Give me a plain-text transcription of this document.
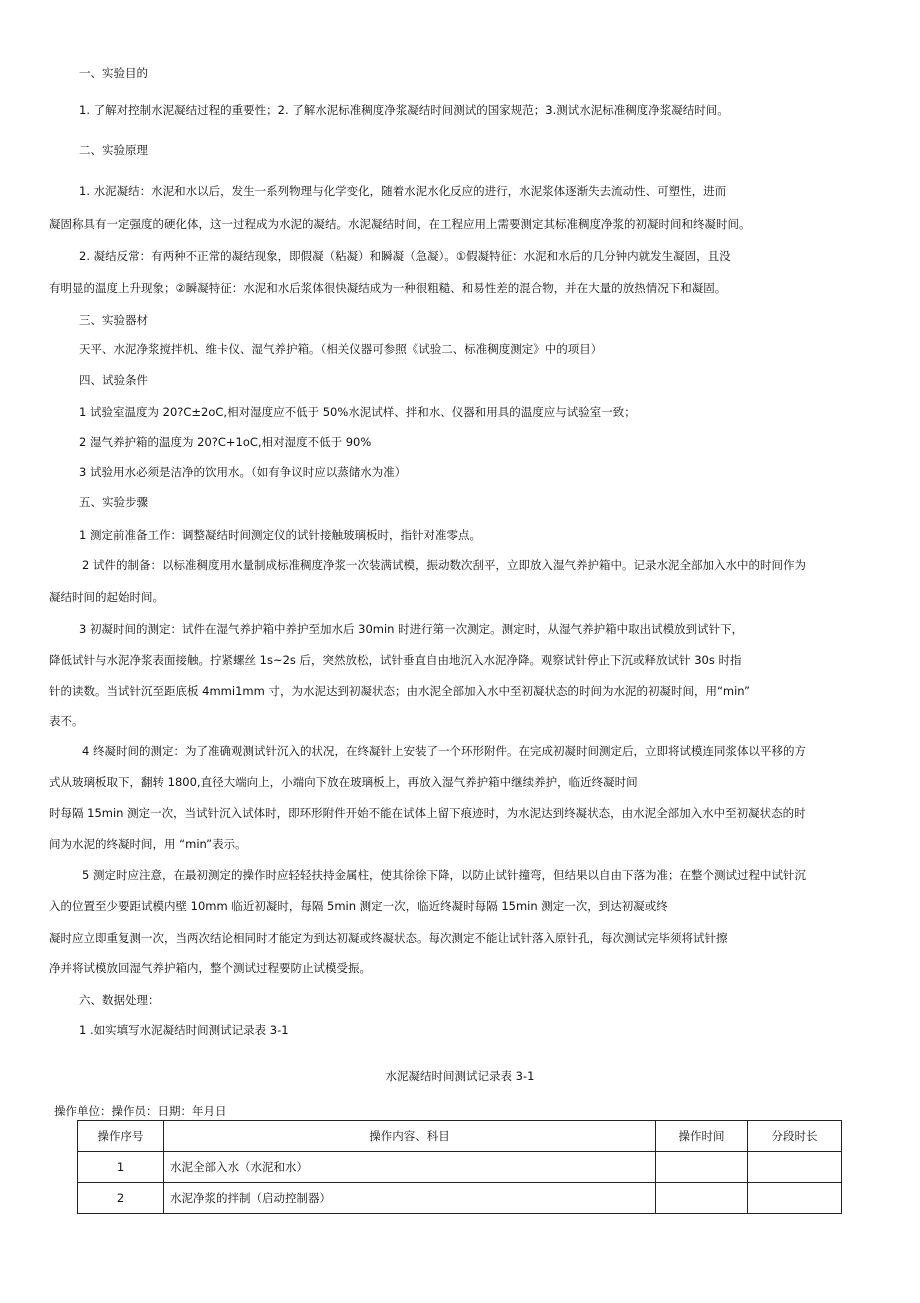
一、实验目的
1. 了解对控制水泥凝结过程的重要性；2. 了解水泥标准稠度净浆凝结时间测试的国家规范；3.测试水泥标准稠度净浆凝结时间。
二、实验原理
1. 水泥凝结：水泥和水以后，发生一系列物理与化学变化，随着水泥水化反应的进行，水泥浆体逐渐失去流动性、可塑性，进而
凝固称具有一定强度的硬化体，这一过程成为水泥的凝结。水泥凝结时间，在工程应用上需要测定其标准稠度净浆的初凝时间和终凝时间。
2. 凝结反常：有两种不正常的凝结现象，即假凝（粘凝）和瞬凝（急凝）。①假凝特征：水泥和水后的几分钟内就发生凝固，且没
有明显的温度上升现象；②瞬凝特征：水泥和水后浆体很快凝结成为一种很粗糙、和易性差的混合物，并在大量的放热情况下和凝固。
三、实验器材
天平、水泥净浆搅拌机、维卡仪、湿气养护箱。（相关仪器可参照《试验二、标准稠度测定》中的项目）
四、试验条件
1 试验室温度为 20?C±2oC,相对湿度应不低于 50%水泥试样、拌和水、仪器和用具的温度应与试验室一致；
2 湿气养护箱的温度为 20?C+1oC,相对湿度不低于 90%
3 试验用水必须是洁净的饮用水。（如有争议时应以蒸储水为准）
五、实验步骤
1 测定前准备工作：调整凝结时间测定仪的试针接触玻璃板时，指针对准零点。
2 试件的制备：以标准稠度用水量制成标准稠度净浆一次装满试模，振动数次刮平，立即放入湿气养护箱中。记录水泥全部加入水中的时间作为
凝结时间的起始时间。
3 初凝时间的测定：试件在湿气养护箱中养护至加水后 30min 时进行第一次测定。测定时，从湿气养护箱中取出试模放到试针下，
降低试针与水泥净浆表面接触。拧紧螺丝 1s~2s 后，突然放松，试针垂直自由地沉入水泥净降。观察试针停止下沉或释放试针 30s 时指
针的读数。当试针沉至距底板 4mmi1mm 寸，为水泥达到初凝状态；由水泥全部加入水中至初凝状态的时间为水泥的初凝时间，用“min”
表不。
4 终凝时间的测定：为了准确观测试针沉入的状况，在终凝针上安装了一个环形附件。在完成初凝时间测定后，立即将试模连同浆体以平移的方
式从玻璃板取下，翻转 1800,直径大端向上，小端向下放在玻璃板上，再放入湿气养护箱中继续养护，临近终凝时间
时每隔 15min 测定一次，当试针沉入试体时，即环形附件开始不能在试体上留下痕迹时，为水泥达到终凝状态，由水泥全部加入水中至初凝状态的时
间为水泥的终凝时间，用 “min”表示。
5 测定时应注意，在最初测定的操作时应轻轻扶持金属柱，使其徐徐下降，以防止试针撞弯，但结果以自由下落为准；在整个测试过程中试针沉
入的位置至少要距试模内壁 10mm 临近初凝时，每隔 5min 测定一次，临近终凝时每隔 15min 测定一次，到达初凝或终
凝时应立即重复测一次，当两次结论相同时才能定为到达初凝或终凝状态。每次测定不能让试针落入原针孔，每次测试完毕须将试针擦
净并将试模放回湿气养护箱内，整个测试过程要防止试模受振。
六、数据处理：
1 .如实填写水泥凝结时间测试记录表 3-1
水泥凝结时间测试记录表 3-1
操作单位：操作员：日期：年月日
操作序号	操作内容、科目	操作时间	分段时长
1	水泥全部入水（水泥和水）		
2	水泥净浆的拌制（启动控制器）		
